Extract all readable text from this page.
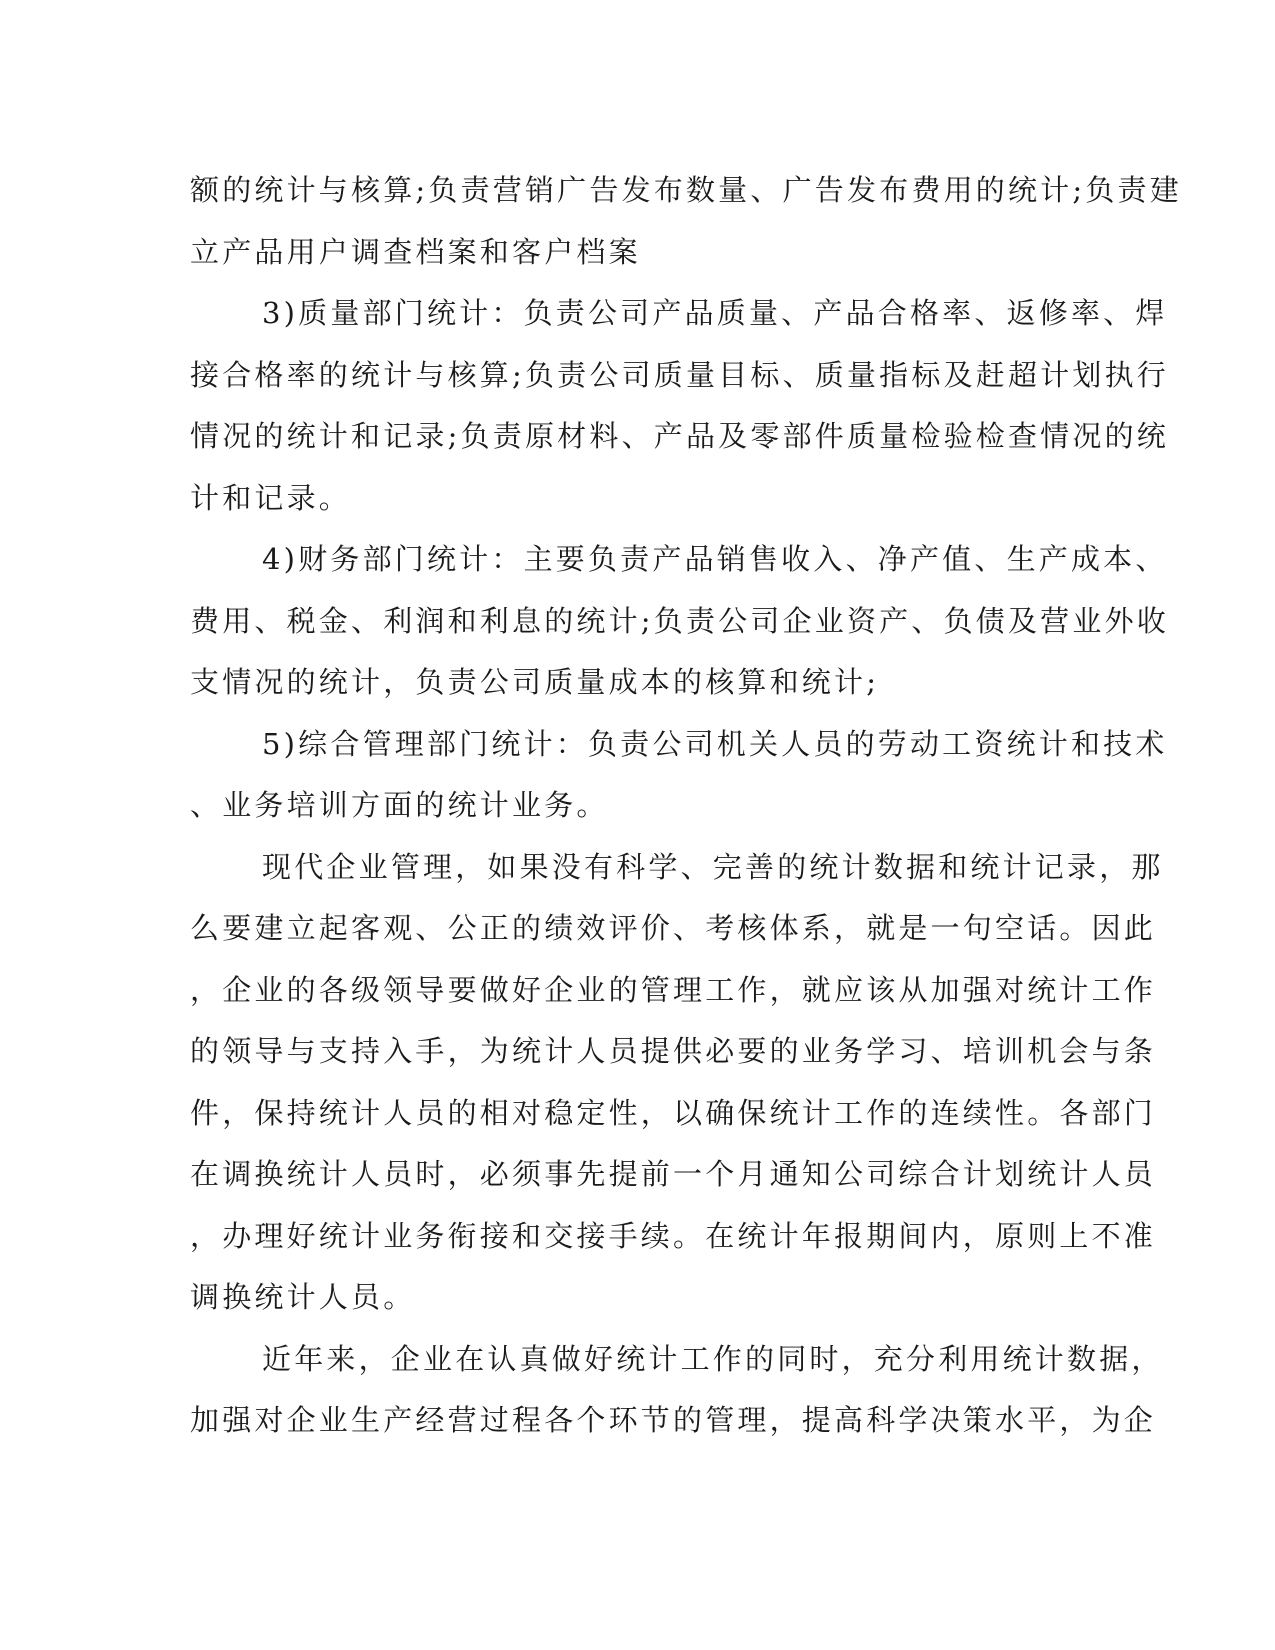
额的统计与核算;负责营销广告发布数量、广告发布费用的统计;负责建
立产品用户调查档案和客户档案
3)质量部门统计：负责公司产品质量、产品合格率、返修率、焊
接合格率的统计与核算;负责公司质量目标、质量指标及赶超计划执行
情况的统计和记录;负责原材料、产品及零部件质量检验检查情况的统
计和记录。
4)财务部门统计：主要负责产品销售收入、净产值、生产成本、
费用、税金、利润和利息的统计;负责公司企业资产、负债及营业外收
支情况的统计，负责公司质量成本的核算和统计;
5)综合管理部门统计：负责公司机关人员的劳动工资统计和技术
、业务培训方面的统计业务。
现代企业管理，如果没有科学、完善的统计数据和统计记录，那
么要建立起客观、公正的绩效评价、考核体系，就是一句空话。因此
，企业的各级领导要做好企业的管理工作，就应该从加强对统计工作
的领导与支持入手，为统计人员提供必要的业务学习、培训机会与条
件，保持统计人员的相对稳定性，以确保统计工作的连续性。各部门
在调换统计人员时，必须事先提前一个月通知公司综合计划统计人员
，办理好统计业务衔接和交接手续。在统计年报期间内，原则上不准
调换统计人员。
近年来，企业在认真做好统计工作的同时，充分利用统计数据，
加强对企业生产经营过程各个环节的管理，提高科学决策水平，为企
